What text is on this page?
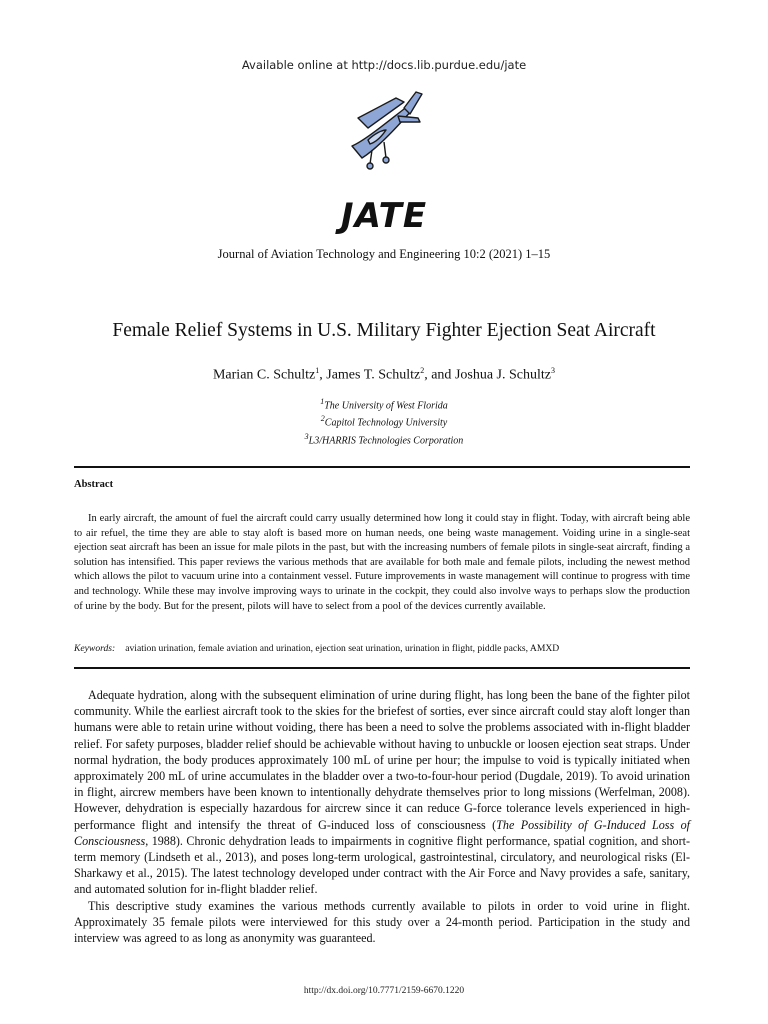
Available online at http://docs.lib.purdue.edu/jate
JATE
Journal of Aviation Technology and Engineering 10:2 (2021) 1–15
Female Relief Systems in U.S. Military Fighter Ejection Seat Aircraft
Marian C. Schultz$^1$, James T. Schultz$^2$, and Joshua J. Schultz$^3$
$^1$The University of West Florida
$^2$Capitol Technology University
$^3$L3/HARRIS Technologies Corporation
Abstract
In early aircraft, the amount of fuel the aircraft could carry usually determined how long it could stay in flight. Today, with aircraft being able to air refuel, the time they are able to stay aloft is based more on human needs, one being waste management. Voiding urine in a single-seat ejection seat aircraft has been an issue for male pilots in the past, but with the increasing numbers of female pilots in single-seat aircraft, finding a solution has intensified. This paper reviews the various methods that are available for both male and female pilots, including the newest method which allows the pilot to vacuum urine into a containment vessel. Future improvements in waste management will continue to progress with time and technology. While these may involve improving ways to urinate in the cockpit, they could also involve ways to perhaps slow the production of urine by the body. But for the present, pilots will have to select from a pool of the devices currently available.
Keywords: aviation urination, female aviation and urination, ejection seat urination, urination in flight, piddle packs, AMXD

Adequate hydration, along with the subsequent elimination of urine during flight, has long been the bane of the fighter pilot community. While the earliest aircraft took to the skies for the briefest of sorties, ever since aircraft could stay aloft longer than humans were able to retain urine without voiding, there has been a need to solve the problems associated with in-flight bladder relief. For safety purposes, bladder relief should be achievable without having to unbuckle or loosen ejection seat straps. Under normal hydration, the body produces approximately 100 mL of urine per hour; the impulse to void is typically initiated when approximately 200 mL of urine accumulates in the bladder over a two-to-four-hour period (Dugdale, 2019). To avoid urination in flight, aircrew members have been known to intentionally dehydrate themselves prior to long missions (Werfelman, 2008). However, dehydration is especially hazardous for aircrew since it can reduce G-force tolerance levels experienced in high-performance flight and intensify the threat of G-induced loss of consciousness (The Possibility of G-Induced Loss of Consciousness, 1988). Chronic dehydration leads to impairments in cognitive flight performance, spatial cognition, and short-term memory (Lindseth et al., 2013), and poses long-term urological, gastrointestinal, circulatory, and neurological risks (El-Sharkawy et al., 2015). The latest technology developed under contract with the Air Force and Navy provides a safe, sanitary, and automated solution for in-flight bladder relief.

This descriptive study examines the various methods currently available to pilots in order to void urine in flight. Approximately 35 female pilots were interviewed for this study over a 24-month period. Participation in the study and interview was agreed to as long as anonymity was guaranteed.

http://dx.doi.org/10.7771/2159-6670.1220
